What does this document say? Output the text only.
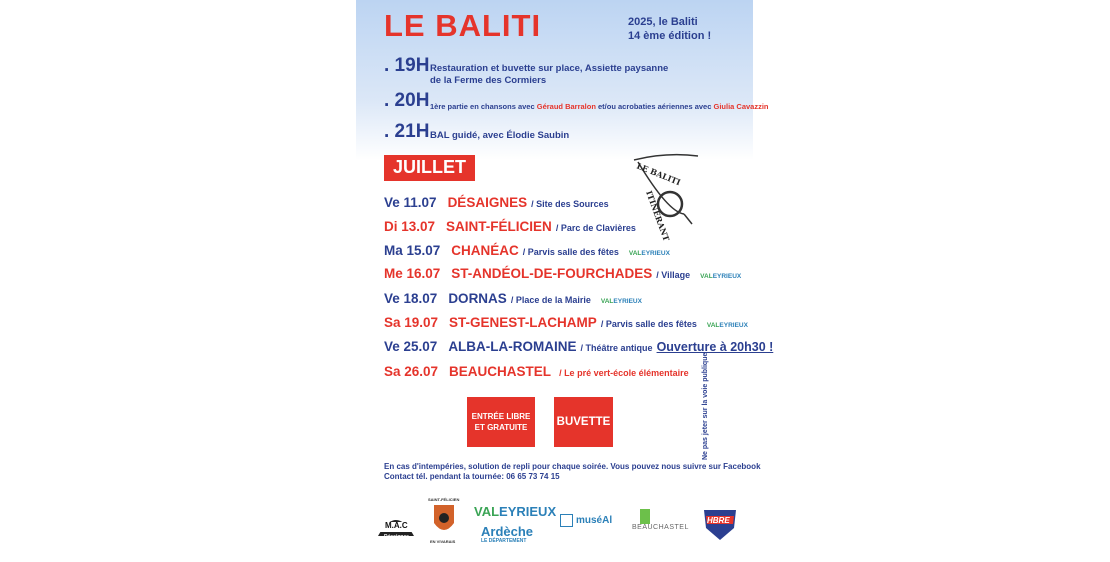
LE BALITI	2025, le Baliti
14 ème édition !
. 19H Restauration et buvette sur place, Assiette paysanne
de la Ferme des Cormiers
. 20H 1ère partie en chansons avec Géraud Barralon et/ou acrobaties aériennes avec Giulia Cavazzin
. 21H BAL guidé, avec Élodie Saubin
JUILLET	LE BALITI
ITINERANT
Ve 11.07 DÉSAIGNES / Site des Sources
Di 13.07 SAINT-FÉLICIEN / Parc de Clavières
Ma 15.07 CHANÉAC / Parvis salle des fêtes VALEYRIEUX
Me 16.07 ST-ANDÉOL-DE-FOURCHADES / Village VALEYRIEUX
Ve 18.07 DORNAS / Place de la Mairie VALEYRIEUX
Sa 19.07 ST-GENEST-LACHAMP / Parvis salle des fêtes VALEYRIEUX
Ve 25.07 ALBA-LA-ROMAINE / Théâtre antique Ouverture à 20h30 !
Sa 26.07 BEAUCHASTEL / Le pré vert-école élémentaire
ENTRÉE LIBRE
ET GRATUITE	BUVETTE	Ne pas jeter sur la voie publique
En cas d'intempéries, solution de repli pour chaque soirée. Vous pouvez nous suivre sur Facebook
Contact tél. pendant la tournée: 06 65 73 74 15
M.A.C
Désaignes
SAINT-FÉLICIEN
EN VIVARAIS
VALEYRIEUX
Ardèche
LE DÉPARTEMENT
muséAl
BEAUCHASTEL
HBRE
